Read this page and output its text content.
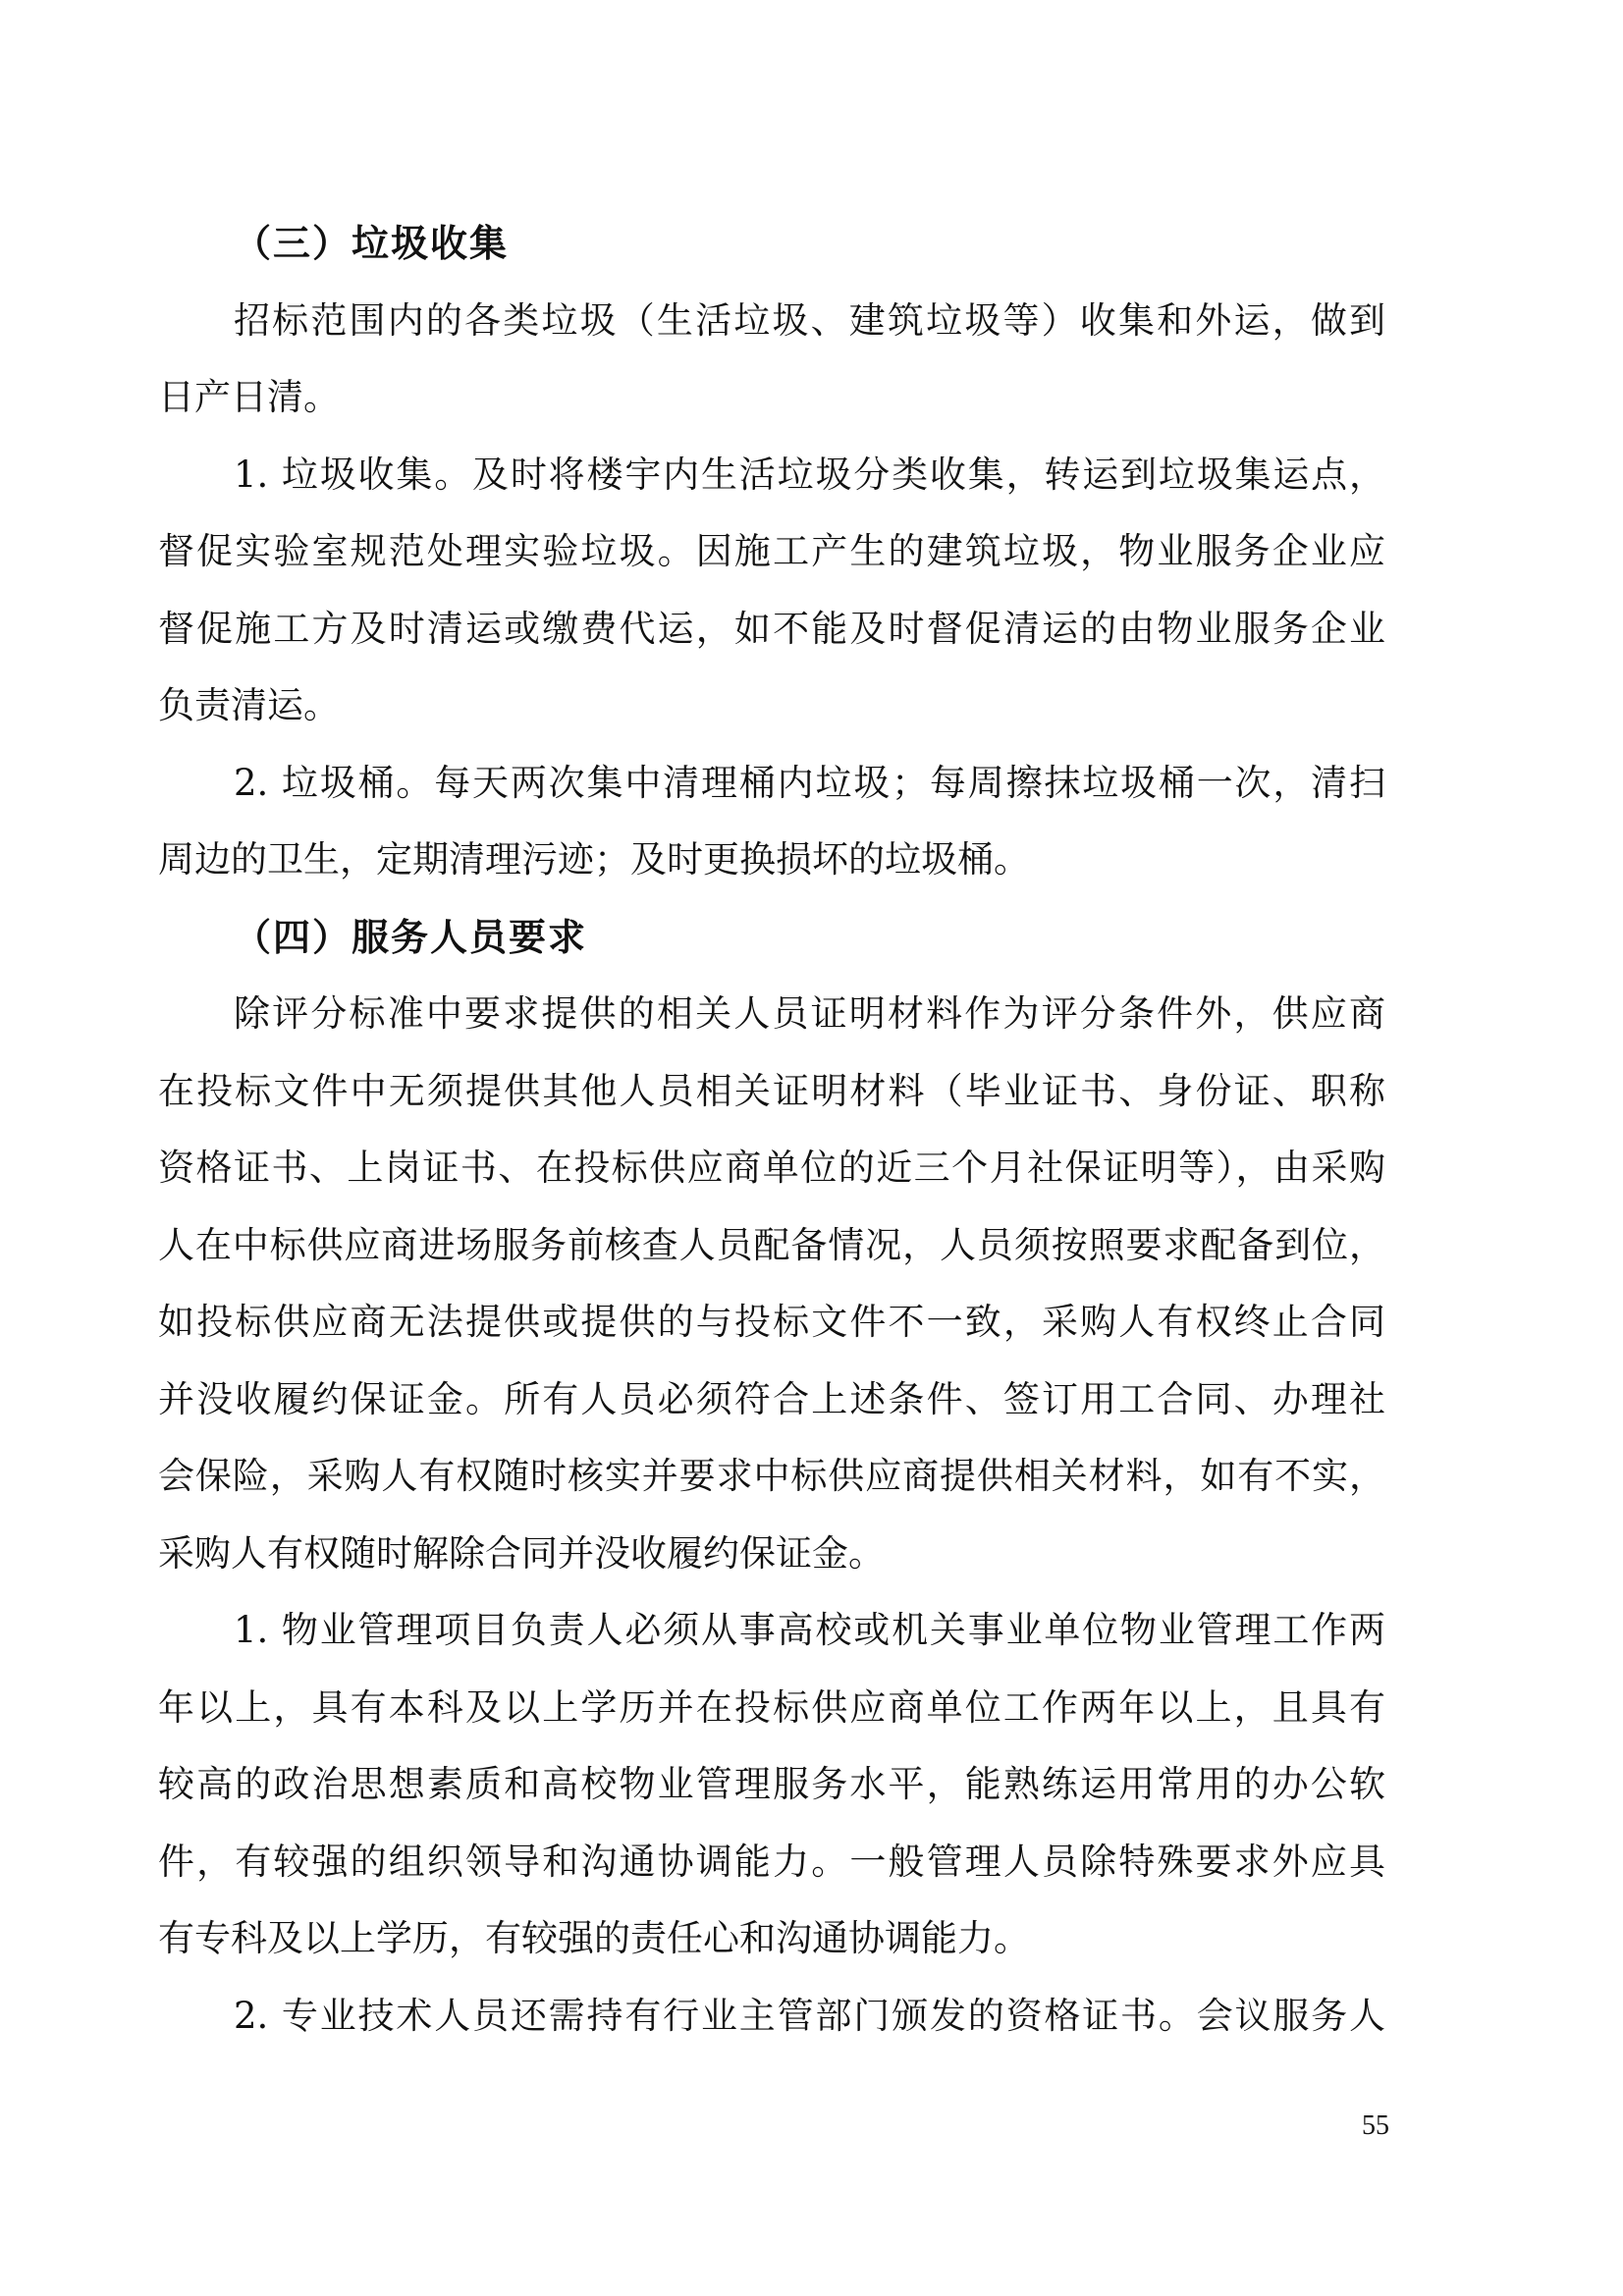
（三）垃圾收集
招标范围内的各类垃圾（生活垃圾、建筑垃圾等）收集和外运，做到
日产日清。
1. 垃圾收集。及时将楼宇内生活垃圾分类收集，转运到垃圾集运点，
督促实验室规范处理实验垃圾。因施工产生的建筑垃圾，物业服务企业应
督促施工方及时清运或缴费代运，如不能及时督促清运的由物业服务企业
负责清运。
2. 垃圾桶。每天两次集中清理桶内垃圾；每周擦抹垃圾桶一次，清扫
周边的卫生，定期清理污迹；及时更换损坏的垃圾桶。
（四）服务人员要求
除评分标准中要求提供的相关人员证明材料作为评分条件外，供应商
在投标文件中无须提供其他人员相关证明材料（毕业证书、身份证、职称
资格证书、上岗证书、在投标供应商单位的近三个月社保证明等），由采购
人在中标供应商进场服务前核查人员配备情况，人员须按照要求配备到位，
如投标供应商无法提供或提供的与投标文件不一致，采购人有权终止合同
并没收履约保证金。所有人员必须符合上述条件、签订用工合同、办理社
会保险，采购人有权随时核实并要求中标供应商提供相关材料，如有不实，
采购人有权随时解除合同并没收履约保证金。
1. 物业管理项目负责人必须从事高校或机关事业单位物业管理工作两
年以上，具有本科及以上学历并在投标供应商单位工作两年以上，且具有
较高的政治思想素质和高校物业管理服务水平，能熟练运用常用的办公软
件，有较强的组织领导和沟通协调能力。一般管理人员除特殊要求外应具
有专科及以上学历，有较强的责任心和沟通协调能力。
2. 专业技术人员还需持有行业主管部门颁发的资格证书。会议服务人
55
